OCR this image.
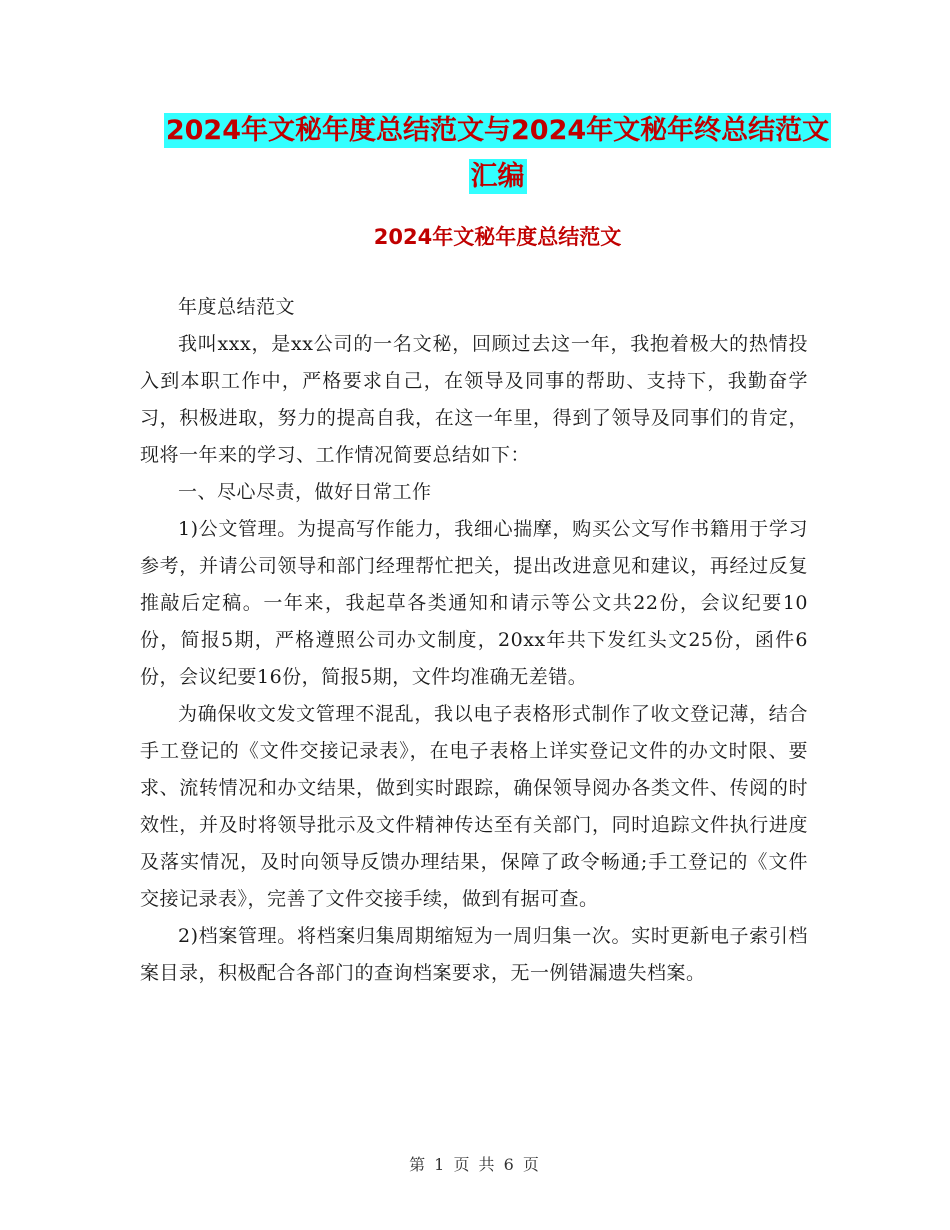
2024年文秘年度总结范文与2024年文秘年终总结范文
汇编
2024年文秘年度总结范文

年度总结范文

我叫xxx，是xx公司的一名文秘，回顾过去这一年，我抱着极大的热情投入到本职工作中，严格要求自己，在领导及同事的帮助、支持下，我勤奋学习，积极进取，努力的提高自我，在这一年里，得到了领导及同事们的肯定，现将一年来的学习、工作情况简要总结如下：

一、尽心尽责，做好日常工作

1)公文管理。为提高写作能力，我细心揣摩，购买公文写作书籍用于学习参考，并请公司领导和部门经理帮忙把关，提出改进意见和建议，再经过反复推敲后定稿。一年来，我起草各类通知和请示等公文共22份，会议纪要10份，简报5期，严格遵照公司办文制度，20xx年共下发红头文25份，函件6份，会议纪要16份，简报5期，文件均准确无差错。

为确保收文发文管理不混乱，我以电子表格形式制作了收文登记薄，结合手工登记的《文件交接记录表》，在电子表格上详实登记文件的办文时限、要求、流转情况和办文结果，做到实时跟踪，确保领导阅办各类文件、传阅的时效性，并及时将领导批示及文件精神传达至有关部门，同时追踪文件执行进度及落实情况，及时向领导反馈办理结果，保障了政令畅通;手工登记的《文件交接记录表》，完善了文件交接手续，做到有据可查。

2)档案管理。将档案归集周期缩短为一周归集一次。实时更新电子索引档案目录，积极配合各部门的查询档案要求，无一例错漏遗失档案。

第 1 页 共 6 页
